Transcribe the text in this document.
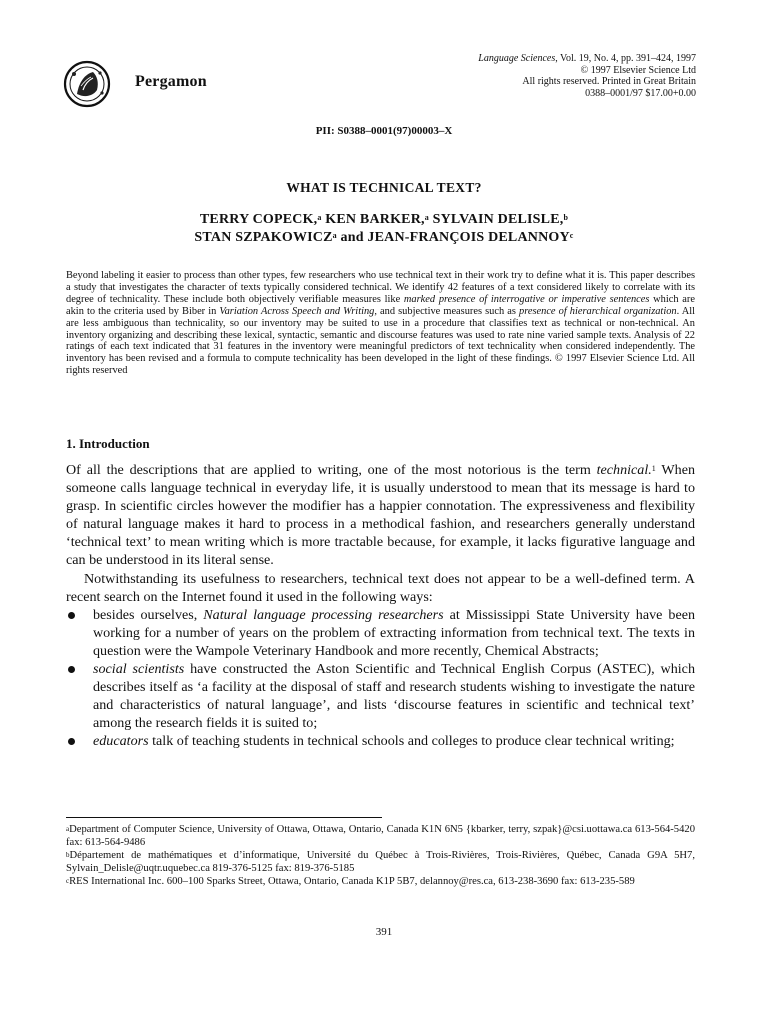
Pergamon
Language Sciences, Vol. 19, No. 4, pp. 391–424, 1997
© 1997 Elsevier Science Ltd
All rights reserved. Printed in Great Britain
0388–0001/97 $17.00+0.00
PII: S0388–0001(97)00003–X
WHAT IS TECHNICAL TEXT?
TERRY COPECK,$^a$ KEN BARKER,$^a$ SYLVAIN DELISLE,$^b$
STAN SZPAKOWICZ$^a$ and JEAN-FRANÇOIS DELANNOY$^c$
Beyond labeling it easier to process than other types, few researchers who use technical text in their work try to define what it is. This paper describes a study that investigates the character of texts typically considered technical. We identify 42 features of a text considered likely to correlate with its degree of technicality. These include both objectively verifiable measures like marked presence of interrogative or imperative sentences which are akin to the criteria used by Biber in Variation Across Speech and Writing, and subjective measures such as presence of hierarchical organization. All are less ambiguous than technicality, so our inventory may be suited to use in a procedure that classifies text as technical or non-technical. An inventory organizing and describing these lexical, syntactic, semantic and discourse features was used to rate nine varied sample texts. Analysis of 22 ratings of each text indicated that 31 features in the inventory were meaningful predictors of text technicality when considered independently. The inventory has been revised and a formula to compute technicality has been developed in the light of these findings. © 1997 Elsevier Science Ltd. All rights reserved
1. Introduction

Of all the descriptions that are applied to writing, one of the most notorious is the term technical.$^1$ When someone calls language technical in everyday life, it is usually understood to mean that its message is hard to grasp. In scientific circles however the modifier has a happier connotation. The expressiveness and flexibility of natural language makes it hard to process in a methodical fashion, and researchers generally understand ‘technical text’ to mean writing which is more tractable because, for example, it lacks figurative language and can be understood in its literal sense.

Notwithstanding its usefulness to researchers, technical text does not appear to be a well-defined term. A recent search on the Internet found it used in the following ways:

besides ourselves, Natural language processing researchers at Mississippi State University have been working for a number of years on the problem of extracting information from technical text. The texts in question were the Wampole Veterinary Handbook and more recently, Chemical Abstracts;
social scientists have constructed the Aston Scientific and Technical English Corpus (ASTEC), which describes itself as ‘a facility at the disposal of staff and research students wishing to investigate the nature and characteristics of natural language’, and lists ‘discourse features in scientific and technical text’ among the research fields it is suited to;
educators talk of teaching students in technical schools and colleges to produce clear technical writing;

$^a$Department of Computer Science, University of Ottawa, Ottawa, Ontario, Canada K1N 6N5 {kbarker, terry, szpak}@csi.uottawa.ca 613-564-5420 fax: 613-564-9486

$^b$Département de mathématiques et d’informatique, Université du Québec à Trois-Rivières, Trois-Rivières, Québec, Canada G9A 5H7, Sylvain_Delisle@uqtr.uquebec.ca 819-376-5125 fax: 819-376-5185

$^c$RES International Inc. 600–100 Sparks Street, Ottawa, Ontario, Canada K1P 5B7, delannoy@res.ca, 613-238-3690 fax: 613-235-589

391
